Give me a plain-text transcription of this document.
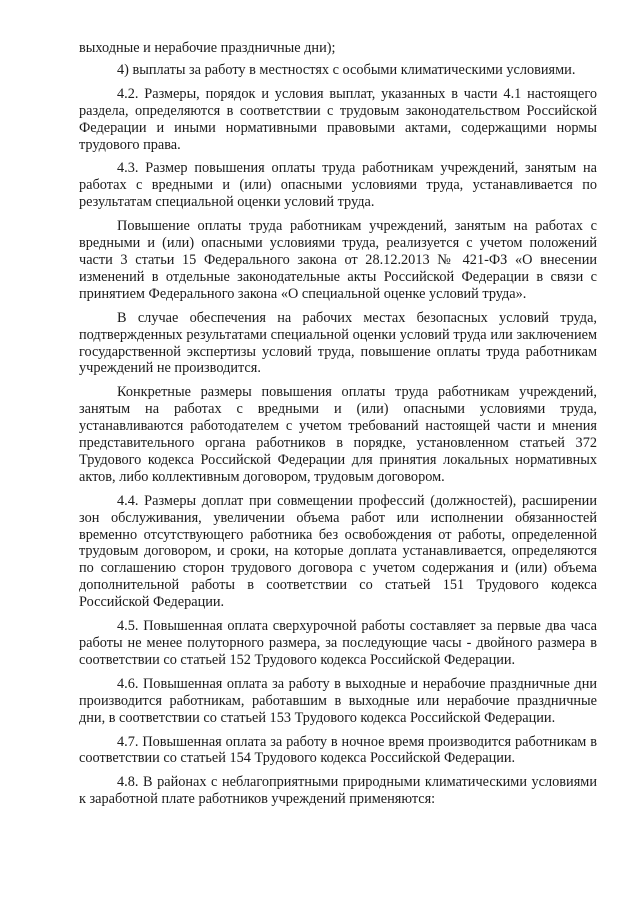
выходные и нерабочие праздничные дни);

4) выплаты за работу в местностях с особыми климатическими условиями.

4.2. Размеры, порядок и условия выплат, указанных в части 4.1 настоящего раздела, определяются в соответствии с трудовым законодательством Российской Федерации и иными нормативными правовыми актами, содержащими нормы трудового права.

4.3. Размер повышения оплаты труда работникам учреждений, занятым на работах с вредными и (или) опасными условиями труда, устанавливается по результатам специальной оценки условий труда.

Повышение оплаты труда работникам учреждений, занятым на работах с вредными и (или) опасными условиями труда, реализуется с учетом положений части 3 статьи 15 Федерального закона от 28.12.2013 № 421-ФЗ «О внесении изменений в отдельные законодательные акты Российской Федерации в связи с принятием Федерального закона «О специальной оценке условий труда».

В случае обеспечения на рабочих местах безопасных условий труда, подтвержденных результатами специальной оценки условий труда или заключением государственной экспертизы условий труда, повышение оплаты труда работникам учреждений не производится.

Конкретные размеры повышения оплаты труда работникам учреждений, занятым на работах с вредными и (или) опасными условиями труда, устанавливаются работодателем с учетом требований настоящей части и мнения представительного органа работников в порядке, установленном статьей 372 Трудового кодекса Российской Федерации для принятия локальных нормативных актов, либо коллективным договором, трудовым договором.

4.4. Размеры доплат при совмещении профессий (должностей), расширении зон обслуживания, увеличении объема работ или исполнении обязанностей временно отсутствующего работника без освобождения от работы, определенной трудовым договором, и сроки, на которые доплата устанавливается, определяются по соглашению сторон трудового договора с учетом содержания и (или) объема дополнительной работы в соответствии со статьей 151 Трудового кодекса Российской Федерации.

4.5. Повышенная оплата сверхурочной работы составляет за первые два часа работы не менее полуторного размера, за последующие часы - двойного размера в соответствии со статьей 152 Трудового кодекса Российской Федерации.

4.6. Повышенная оплата за работу в выходные и нерабочие праздничные дни производится работникам, работавшим в выходные или нерабочие праздничные дни, в соответствии со статьей 153 Трудового кодекса Российской Федерации.

4.7. Повышенная оплата за работу в ночное время производится работникам в соответствии со статьей 154 Трудового кодекса Российской Федерации.

4.8. В районах с неблагоприятными природными климатическими условиями к заработной плате работников учреждений применяются:
